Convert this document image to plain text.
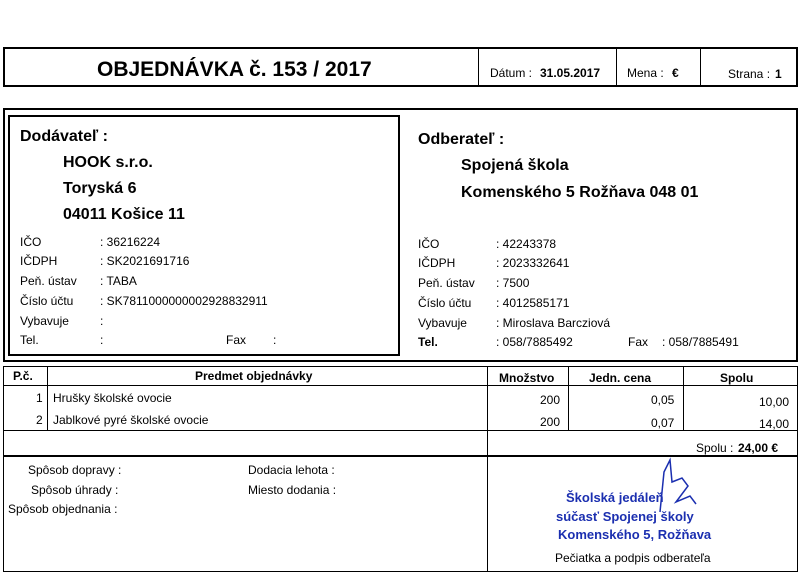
OBJEDNÁVKA č. 153 / 2017	Dátum : 31.05.2017 Mena : €	Strana : 1
Dodávateľ :
HOOK s.r.o.
Toryská 6
04011 Košice 11
IČO	: 36216224
IČDPH	: SK2021691716
Peň. ústav : TABA
Číslo účtu : SK7811000000002928832911
Vybavuje	:
Tel.	:	Fax :
Odberateľ :
Spojená škola
Komenského 5 Rožňava 048 01
IČO	: 42243378
IČDPH	: 2023332641
Peň. ústav : 7500
Číslo účtu : 4012585171
Vybavuje : Miroslava Barcziová
Tel.	: 058/7885492	Fax : 058/7885491
P.č.	Predmet objednávky	Množstvo	Jedn. cena	Spolu
1 Hrušky školské ovocie	200	0,05	10,00
2 Jablkové pyré školské ovocie	200	0,07	14,00
Spolu : 24,00 €
Spôsob dopravy :
Spôsob úhrady :
Spôsob objednania :
Dodacia lehota :
Miesto dodania :	Školská jedáleň
súčasť Spojenej školy
Komenského 5, Rožňava
Pečiatka a podpis odberateľa
